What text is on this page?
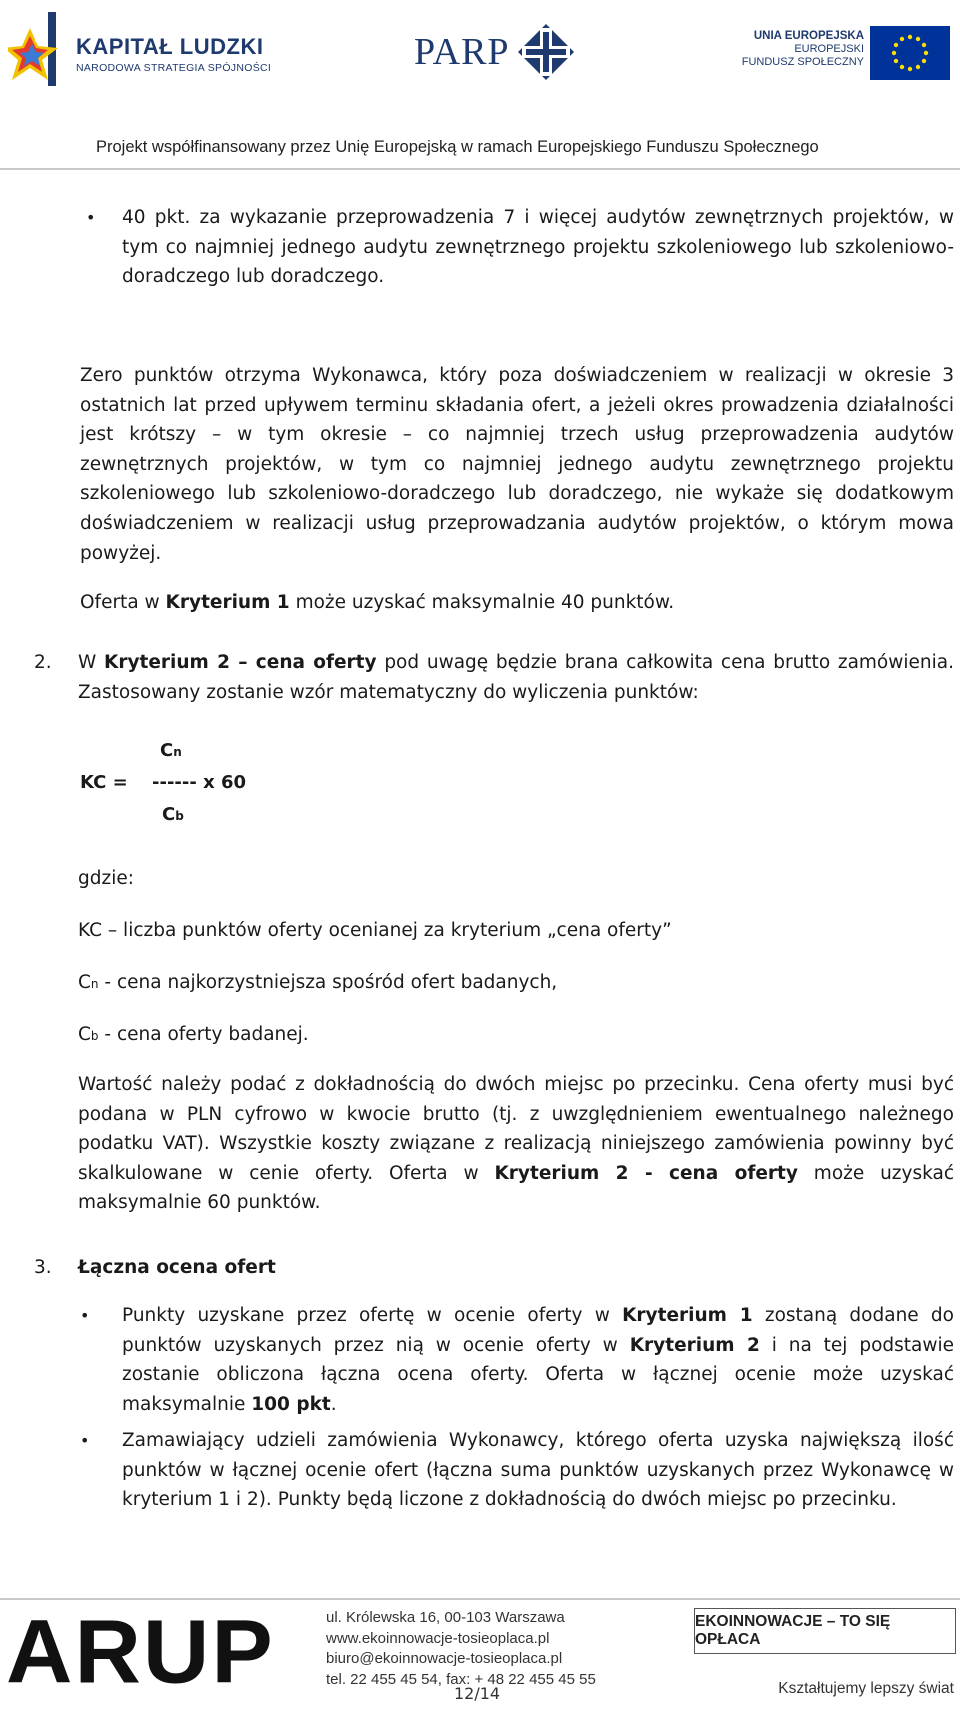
KAPITAŁ LUDZKI
NARODOWA STRATEGIA SPÓJNOŚCI	PARP	UNIA EUROPEJSKA
EUROPEJSKI
FUNDUSZ SPOŁECZNY
Projekt współfinansowany przez Unię Europejską w ramach Europejskiego Funduszu Społecznego
• 40 pkt. za wykazanie przeprowadzenia 7 i więcej audytów zewnętrznych projektów, w tym co najmniej jednego audytu zewnętrznego projektu szkoleniowego lub szkoleniowo-doradczego lub doradczego.
Zero punktów otrzyma Wykonawca, który poza doświadczeniem w realizacji w okresie 3 ostatnich lat przed upływem terminu składania ofert, a jeżeli okres prowadzenia działalności jest krótszy – w tym okresie – co najmniej trzech usług przeprowadzenia audytów zewnętrznych projektów, w tym co najmniej jednego audytu zewnętrznego projektu szkoleniowego lub szkoleniowo-doradczego lub doradczego, nie wykaże się dodatkowym doświadczeniem w realizacji usług przeprowadzania audytów projektów, o którym mowa powyżej.
Oferta w Kryterium 1 może uzyskać maksymalnie 40 punktów.
2. W Kryterium 2 – cena oferty pod uwagę będzie brana całkowita cena brutto zamówienia. Zastosowany zostanie wzór matematyczny do wyliczenia punktów:
Cn
KC = ------ x 60
Cb
gdzie:
KC – liczba punktów oferty ocenianej za kryterium „cena oferty”
Cn - cena najkorzystniejsza spośród ofert badanych,
Cb - cena oferty badanej.
Wartość należy podać z dokładnością do dwóch miejsc po przecinku. Cena oferty musi być podana w PLN cyfrowo w kwocie brutto (tj. z uwzględnieniem ewentualnego należnego podatku VAT). Wszystkie koszty związane z realizacją niniejszego zamówienia powinny być skalkulowane w cenie oferty. Oferta w Kryterium 2 - cena oferty może uzyskać maksymalnie 60 punktów.
3. Łączna ocena ofert
• Punkty uzyskane przez ofertę w ocenie oferty w Kryterium 1 zostaną dodane do punktów uzyskanych przez nią w ocenie oferty w Kryterium 2 i na tej podstawie zostanie obliczona łączna ocena oferty. Oferta w łącznej ocenie może uzyskać maksymalnie 100 pkt.
• Zamawiający udzieli zamówienia Wykonawcy, którego oferta uzyska największą ilość punktów w łącznej ocenie ofert (łączna suma punktów uzyskanych przez Wykonawcę w kryterium 1 i 2). Punkty będą liczone z dokładnością do dwóch miejsc po przecinku.
ARUP	ul. Królewska 16, 00-103 Warszawa
www.ekoinnowacje-tosieoplaca.pl
biuro@ekoinnowacje-tosieoplaca.pl
tel. 22 455 45 54, fax: + 48 22 455 45 55
EKOINNOWACJE – TO SIĘ OPŁACA
Kształtujemy lepszy świat
12/14
